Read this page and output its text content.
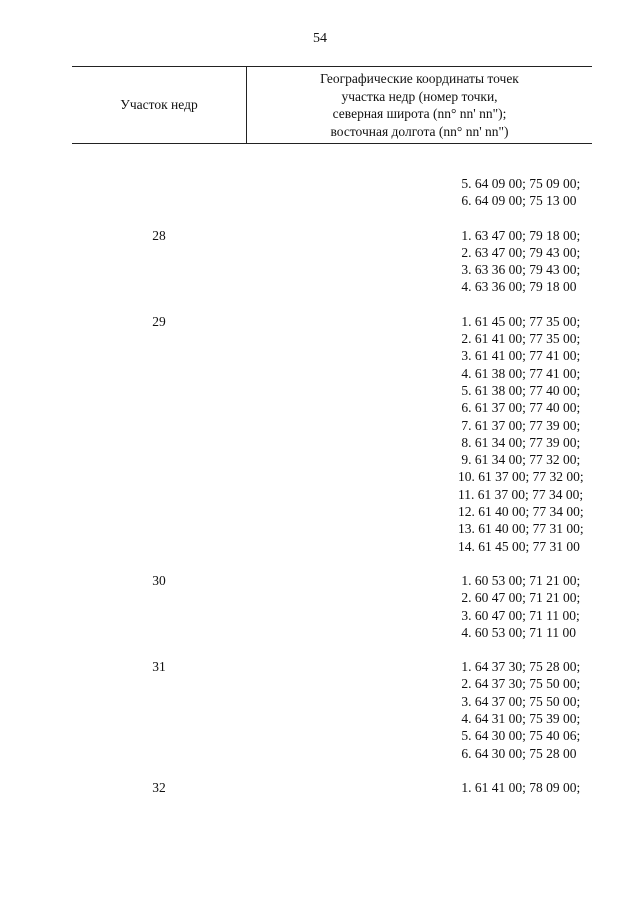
54
Участок недр
Географические координаты точек
участка недр (номер точки,
северная широта (nn° nn' nn");
восточная долгота (nn° nn' nn")
5. 64 09 00; 75 09 00;
6. 64 09 00; 75 13 00
28	1. 63 47 00; 79 18 00;
2. 63 47 00; 79 43 00;
3. 63 36 00; 79 43 00;
4. 63 36 00; 79 18 00
29	1. 61 45 00; 77 35 00;
2. 61 41 00; 77 35 00;
3. 61 41 00; 77 41 00;
4. 61 38 00; 77 41 00;
5. 61 38 00; 77 40 00;
6. 61 37 00; 77 40 00;
7. 61 37 00; 77 39 00;
8. 61 34 00; 77 39 00;
9. 61 34 00; 77 32 00;
10. 61 37 00; 77 32 00;
11. 61 37 00; 77 34 00;
12. 61 40 00; 77 34 00;
13. 61 40 00; 77 31 00;
14. 61 45 00; 77 31 00
30	1. 60 53 00; 71 21 00;
2. 60 47 00; 71 21 00;
3. 60 47 00; 71 11 00;
4. 60 53 00; 71 11 00
31	1. 64 37 30; 75 28 00;
2. 64 37 30; 75 50 00;
3. 64 37 00; 75 50 00;
4. 64 31 00; 75 39 00;
5. 64 30 00; 75 40 06;
6. 64 30 00; 75 28 00
32	1. 61 41 00; 78 09 00;
